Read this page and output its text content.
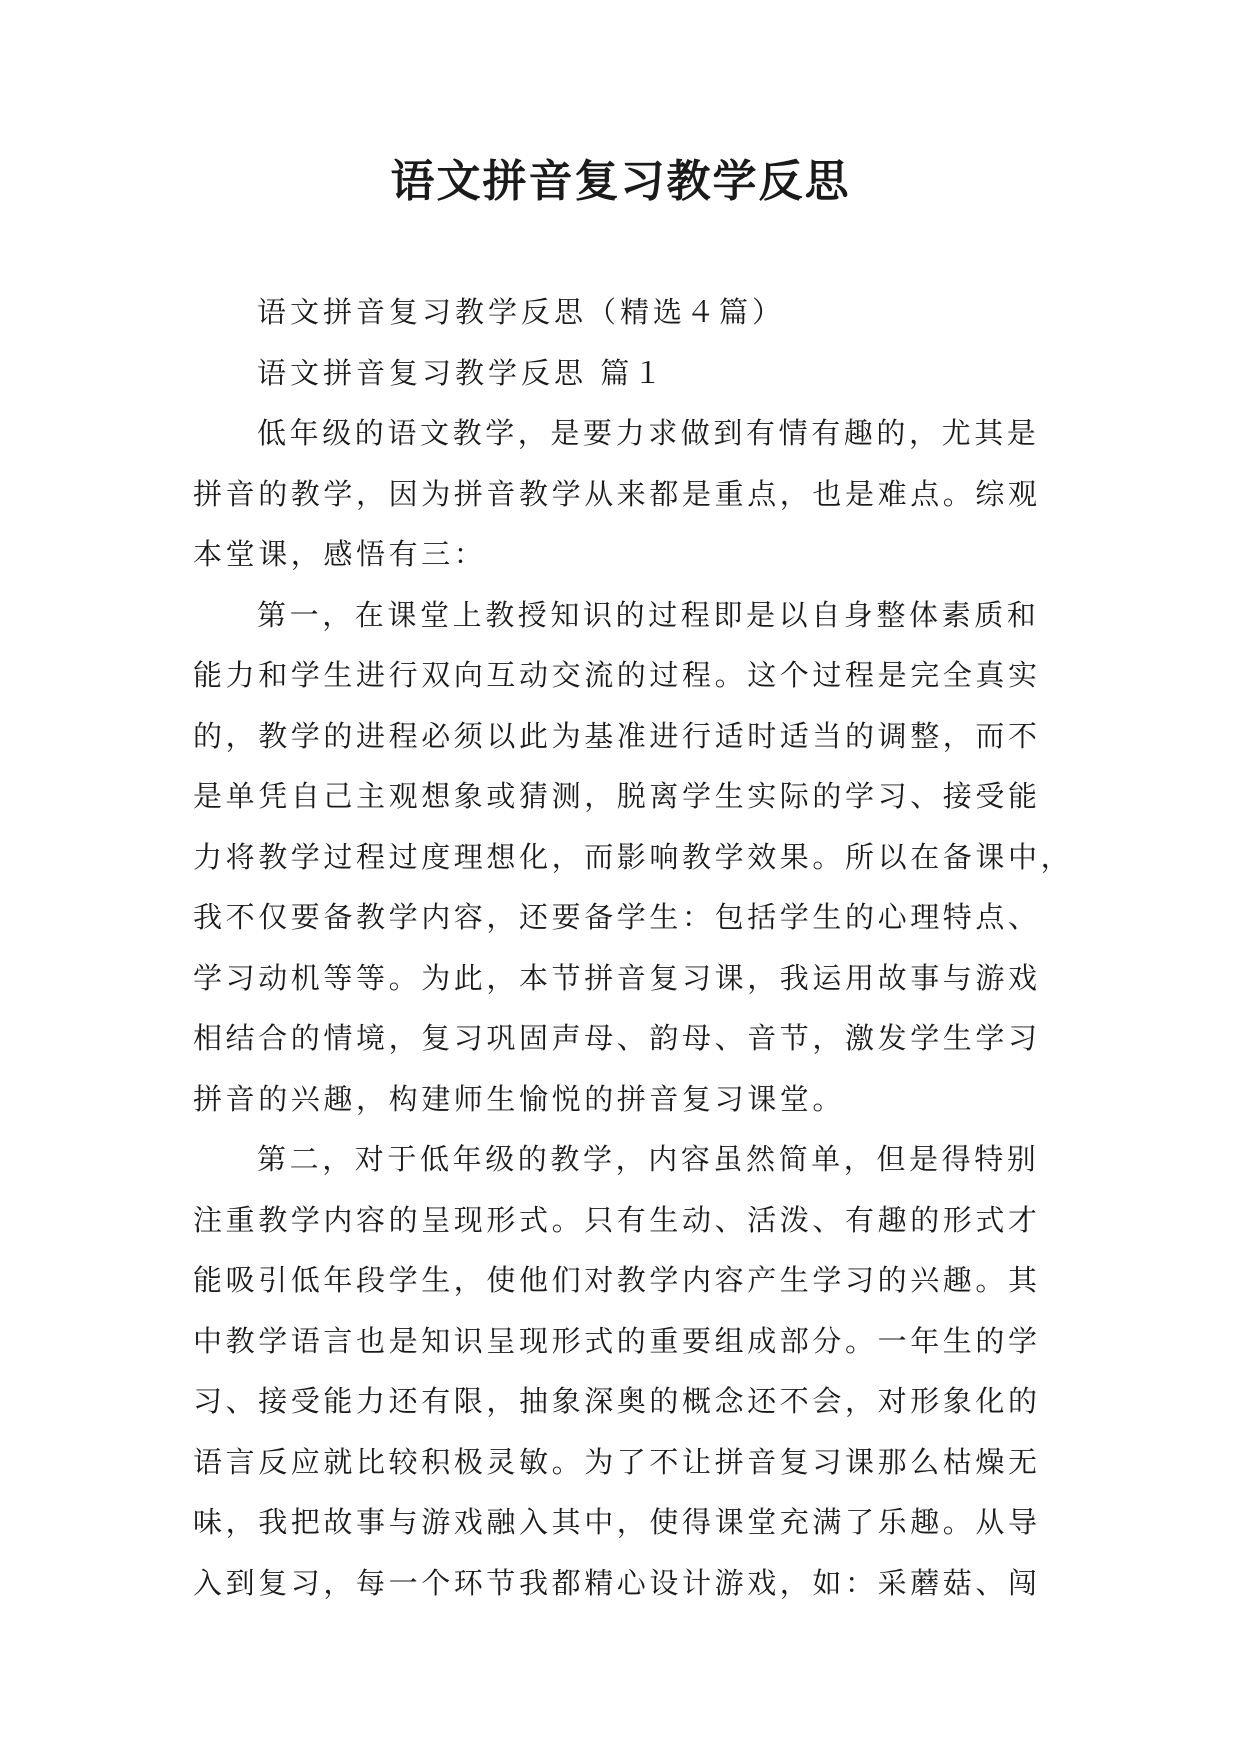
语文拼音复习教学反思
语文拼音复习教学反思（精选４篇）
语文拼音复习教学反思 篇１
低年级的语文教学，是要力求做到有情有趣的，尤其是
拼音的教学，因为拼音教学从来都是重点，也是难点。综观
本堂课，感悟有三：
第一，在课堂上教授知识的过程即是以自身整体素质和
能力和学生进行双向互动交流的过程。这个过程是完全真实
的，教学的进程必须以此为基准进行适时适当的调整，而不
是单凭自己主观想象或猜测，脱离学生实际的学习、接受能
力将教学过程过度理想化，而影响教学效果。所以在备课中，
我不仅要备教学内容，还要备学生：包括学生的心理特点、
学习动机等等。为此，本节拼音复习课，我运用故事与游戏
相结合的情境，复习巩固声母、韵母、音节，激发学生学习
拼音的兴趣，构建师生愉悦的拼音复习课堂。
第二，对于低年级的教学，内容虽然简单，但是得特别
注重教学内容的呈现形式。只有生动、活泼、有趣的形式才
能吸引低年段学生，使他们对教学内容产生学习的兴趣。其
中教学语言也是知识呈现形式的重要组成部分。一年生的学
习、接受能力还有限，抽象深奥的概念还不会，对形象化的
语言反应就比较积极灵敏。为了不让拼音复习课那么枯燥无
味，我把故事与游戏融入其中，使得课堂充满了乐趣。从导
入到复习，每一个环节我都精心设计游戏，如：采蘑菇、闯
